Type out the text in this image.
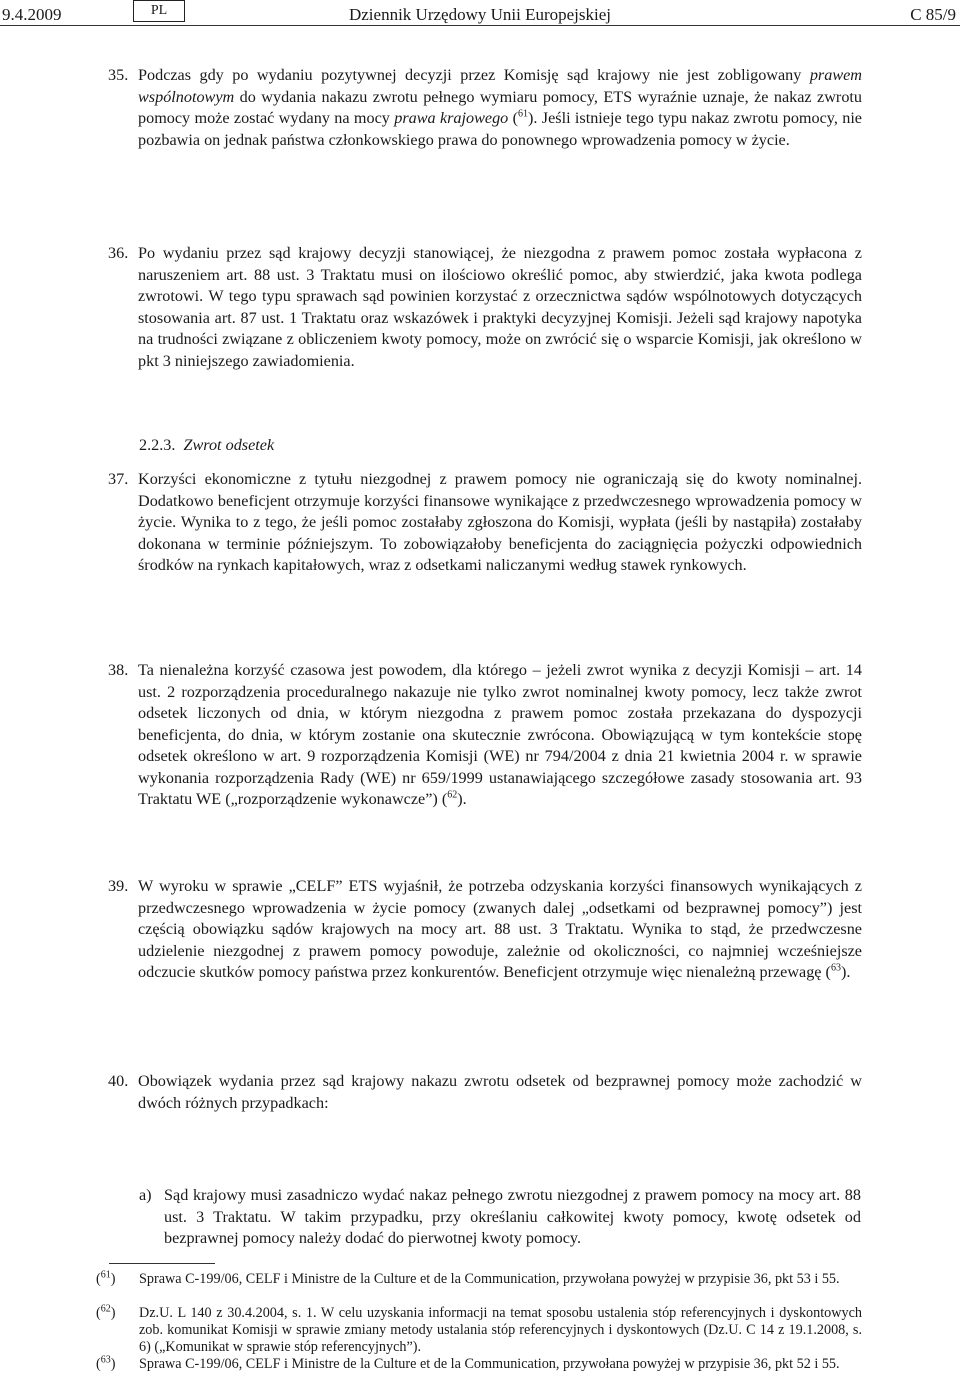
9.4.2009	PL	Dziennik Urzędowy Unii Europejskiej	C 85/9
35. Podczas gdy po wydaniu pozytywnej decyzji przez Komisję sąd krajowy nie jest zobligowany prawem wspólnotowym do wydania nakazu zwrotu pełnego wymiaru pomocy, ETS wyraźnie uznaje, że nakaz zwrotu pomocy może zostać wydany na mocy prawa krajowego ($^{61}$). Jeśli istnieje tego typu nakaz zwrotu pomocy, nie pozbawia on jednak państwa członkowskiego prawa do ponownego wprowadzenia pomocy w życie.
36. Po wydaniu przez sąd krajowy decyzji stanowiącej, że niezgodna z prawem pomoc została wypłacona z naruszeniem art. 88 ust. 3 Traktatu musi on ilościowo określić pomoc, aby stwierdzić, jaka kwota podlega zwrotowi. W tego typu sprawach sąd powinien korzystać z orzecznictwa sądów wspólnotowych dotyczących stosowania art. 87 ust. 1 Traktatu oraz wskazówek i praktyki decyzyjnej Komisji. Jeżeli sąd krajowy napotyka na trudności związane z obliczeniem kwoty pomocy, może on zwrócić się o wsparcie Komisji, jak określono w pkt 3 niniejszego zawiadomienia.
2.2.3. Zwrot odsetek
37. Korzyści ekonomiczne z tytułu niezgodnej z prawem pomocy nie ograniczają się do kwoty nominalnej. Dodatkowo beneficjent otrzymuje korzyści finansowe wynikające z przedwczesnego wprowadzenia pomocy w życie. Wynika to z tego, że jeśli pomoc zostałaby zgłoszona do Komisji, wypłata (jeśli by nastąpiła) zostałaby dokonana w terminie późniejszym. To zobowiązałoby beneficjenta do zaciągnięcia pożyczki odpowiednich środków na rynkach kapitałowych, wraz z odsetkami naliczanymi według stawek rynkowych.
38. Ta nienależna korzyść czasowa jest powodem, dla którego – jeżeli zwrot wynika z decyzji Komisji – art. 14 ust. 2 rozporządzenia proceduralnego nakazuje nie tylko zwrot nominalnej kwoty pomocy, lecz także zwrot odsetek liczonych od dnia, w którym niezgodna z prawem pomoc została przekazana do dyspozycji beneficjenta, do dnia, w którym zostanie ona skutecznie zwrócona. Obowiązującą w tym kontekście stopę odsetek określono w art. 9 rozporządzenia Komisji (WE) nr 794/2004 z dnia 21 kwietnia 2004 r. w sprawie wykonania rozporządzenia Rady (WE) nr 659/1999 ustanawiającego szczegółowe zasady stosowania art. 93 Traktatu WE („rozporządzenie wykonawcze”) ($^{62}$).
39. W wyroku w sprawie „CELF” ETS wyjaśnił, że potrzeba odzyskania korzyści finansowych wynikających z przedwczesnego wprowadzenia w życie pomocy (zwanych dalej „odsetkami od bezprawnej pomocy”) jest częścią obowiązku sądów krajowych na mocy art. 88 ust. 3 Traktatu. Wynika to stąd, że przedwczesne udzielenie niezgodnej z prawem pomocy powoduje, zależnie od okoliczności, co najmniej wcześniejsze odczucie skutków pomocy państwa przez konkurentów. Beneficjent otrzymuje więc nienależną przewagę ($^{63}$).
40. Obowiązek wydania przez sąd krajowy nakazu zwrotu odsetek od bezprawnej pomocy może zachodzić w dwóch różnych przypadkach:
a) Sąd krajowy musi zasadniczo wydać nakaz pełnego zwrotu niezgodnej z prawem pomocy na mocy art. 88 ust. 3 Traktatu. W takim przypadku, przy określaniu całkowitej kwoty pomocy, kwotę odsetek od bezprawnej pomocy należy dodać do pierwotnej kwoty pomocy.
($^{61}$) Sprawa C-199/06, CELF i Ministre de la Culture et de la Communication, przywołana powyżej w przypisie 36, pkt 53 i 55.
($^{62}$) Dz.U. L 140 z 30.4.2004, s. 1. W celu uzyskania informacji na temat sposobu ustalenia stóp referencyjnych i dyskontowych zob. komunikat Komisji w sprawie zmiany metody ustalania stóp referencyjnych i dyskontowych (Dz.U. C 14 z 19.1.2008, s. 6) („Komunikat w sprawie stóp referencyjnych”).
($^{63}$) Sprawa C-199/06, CELF i Ministre de la Culture et de la Communication, przywołana powyżej w przypisie 36, pkt 52 i 55.
